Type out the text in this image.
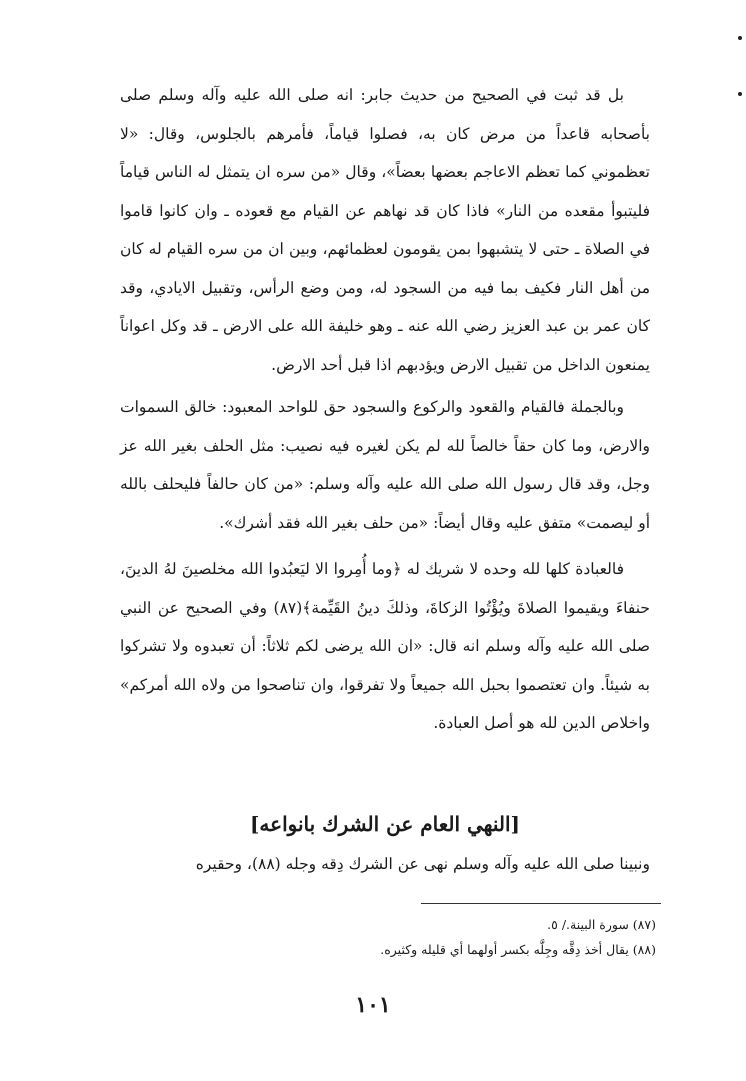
بل قد ثبت في الصحيح من حديث جابر: انه صلى الله عليه وآله وسلم صلى بأصحابه قاعداً من مرض كان به، فصلوا قياماً، فأمرهم بالجلوس، وقال: «لا تعظموني كما تعظم الاعاجم بعضها بعضاً»، وقال «من سره ان يتمثل له الناس قياماً فليتبوأ مقعده من النار» فاذا كان قد نهاهم عن القيام مع قعوده ـ وان كانوا قاموا في الصلاة ـ حتى لا يتشبهوا بمن يقومون لعظمائهم، وبين ان من سره القيام له كان من أهل النار فكيف بما فيه من السجود له، ومن وضع الرأس، وتقبيل الايادي، وقد كان عمر بن عبد العزيز رضي الله عنه ـ وهو خليفة الله على الارض ـ قد وكل اعواناً يمنعون الداخل من تقبيل الارض ويؤدبهم اذا قبل أحد الارض.

وبالجملة فالقيام والقعود والركوع والسجود حق للواحد المعبود: خالق السموات والارض، وما كان حقاً خالصاً لله لم يكن لغيره فيه نصيب: مثل الحلف بغير الله عز وجل، وقد قال رسول الله صلى الله عليه وآله وسلم: «من كان حالفاً فليحلف بالله أو ليصمت» متفق عليه وقال أيضاً: «من حلف بغير الله فقد أشرك».

فالعبادة كلها لله وحده لا شريك له ﴿وما أُمِروا الا ليَعبُدوا الله مخلصينَ لهُ الدينَ، حنفاءَ ويقيموا الصلاةَ ويُؤْتُوا الزكاةَ، وذلكَ دينُ القَيِّمة﴾(٨٧) وفي الصحيح عن النبي صلى الله عليه وآله وسلم انه قال: «ان الله يرضى لكم ثلاثاً: أن تعبدوه ولا تشركوا به شيئاً. وان تعتصموا بحبل الله جميعاً ولا تفرقوا، وان تناصحوا من ولاه الله أمركم» واخلاص الدين لله هو أصل العبادة.

[النهي العام عن الشرك بانواعه]
ونبينا صلى الله عليه وآله وسلم نهى عن الشرك دِقه وجله (٨٨)، وحقيره
(٨٧) سورة البينة./ ٥.
(٨٨) يقال أخذ دِقَّه وجِلَّه بكسر أولهما أي قليله وكثيره.
١٠١
